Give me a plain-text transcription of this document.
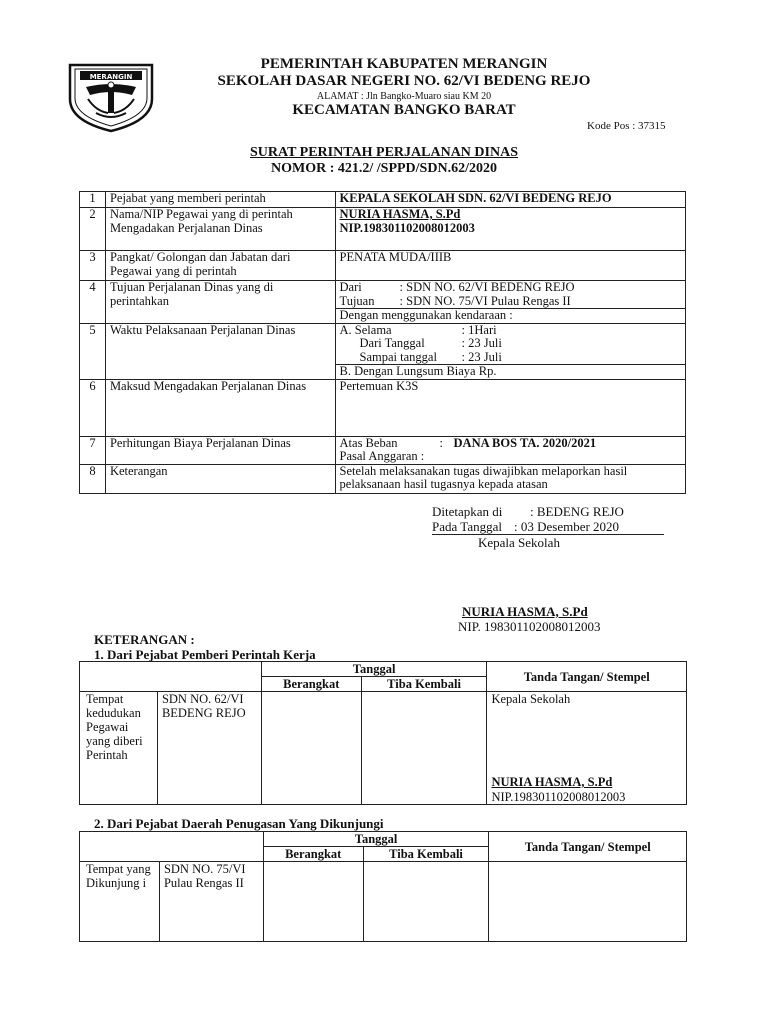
MERANGIN
PEMERINTAH KABUPATEN MERANGIN
SEKOLAH DASAR NEGERI NO. 62/VI BEDENG REJO
ALAMAT : Jln Bangko-Muaro siau KM 20
KECAMATAN BANGKO BARAT
Kode Pos : 37315
SURAT PERINTAH PERJALANAN DINAS
NOMOR : 421.2/ /SPPD/SDN.62/2020
1	Pejabat yang memberi perintah	KEPALA SEKOLAH SDN. 62/VI BEDENG REJO
2	Nama/NIP Pegawai yang di perintah Mengadakan Perjalanan Dinas	NURIA HASMA, S.Pd
NIP.198301102008012003

3	Pangkat/ Golongan dan Jabatan dari Pegawai yang di perintah	PENATA MUDA/IIIB
4	Tujuan Perjalanan Dinas yang di perintahkan	Dari : SDN NO. 62/VI BEDENG REJO
Tujuan : SDN NO. 75/VI Pulau Rengas II
Dengan menggunakan kendaraan :

5	Waktu Pelaksanaan Perjalanan Dinas	A. Selama : 1Hari
Dari Tanggal : 23 Juli
Sampai tanggal : 23 Juli
B. Dengan Lungsum Biaya Rp.

6	Maksud Mengadakan Perjalanan Dinas	Pertemuan K3S
7	Perhitungan Biaya Perjalanan Dinas	Atas Beban : DANA BOS TA. 2020/2021
Pasal Anggaran :

8	Keterangan	Setelah melaksanakan tugas diwajibkan melaporkan hasil pelaksanaan hasil tugasnya kepada atasan
Ditetapkan di : BEDENG REJO
Pada Tanggal : 03 Desember 2020
Kepala Sekolah
NURIA HASMA, S.Pd
NIP. 198301102008012003
KETERANGAN :
1. Dari Pejabat Pemberi Perintah Kerja
		Tanggal		Tanda Tangan/ Stempel
		Berangkat	Tiba Kembali	
Tempat kedudukan Pegawai yang diberi Perintah	SDN NO. 62/VI BEDENG REJO			Kepala Sekolah
NURIA HASMA, S.Pd
NIP.198301102008012003
2. Dari Pejabat Daerah Penugasan Yang Dikunjungi
		Tanggal		Tanda Tangan/ Stempel
		Berangkat	Tiba Kembali	
Tempat yang Dikunjung i	SDN NO. 75/VI Pulau Rengas II			
